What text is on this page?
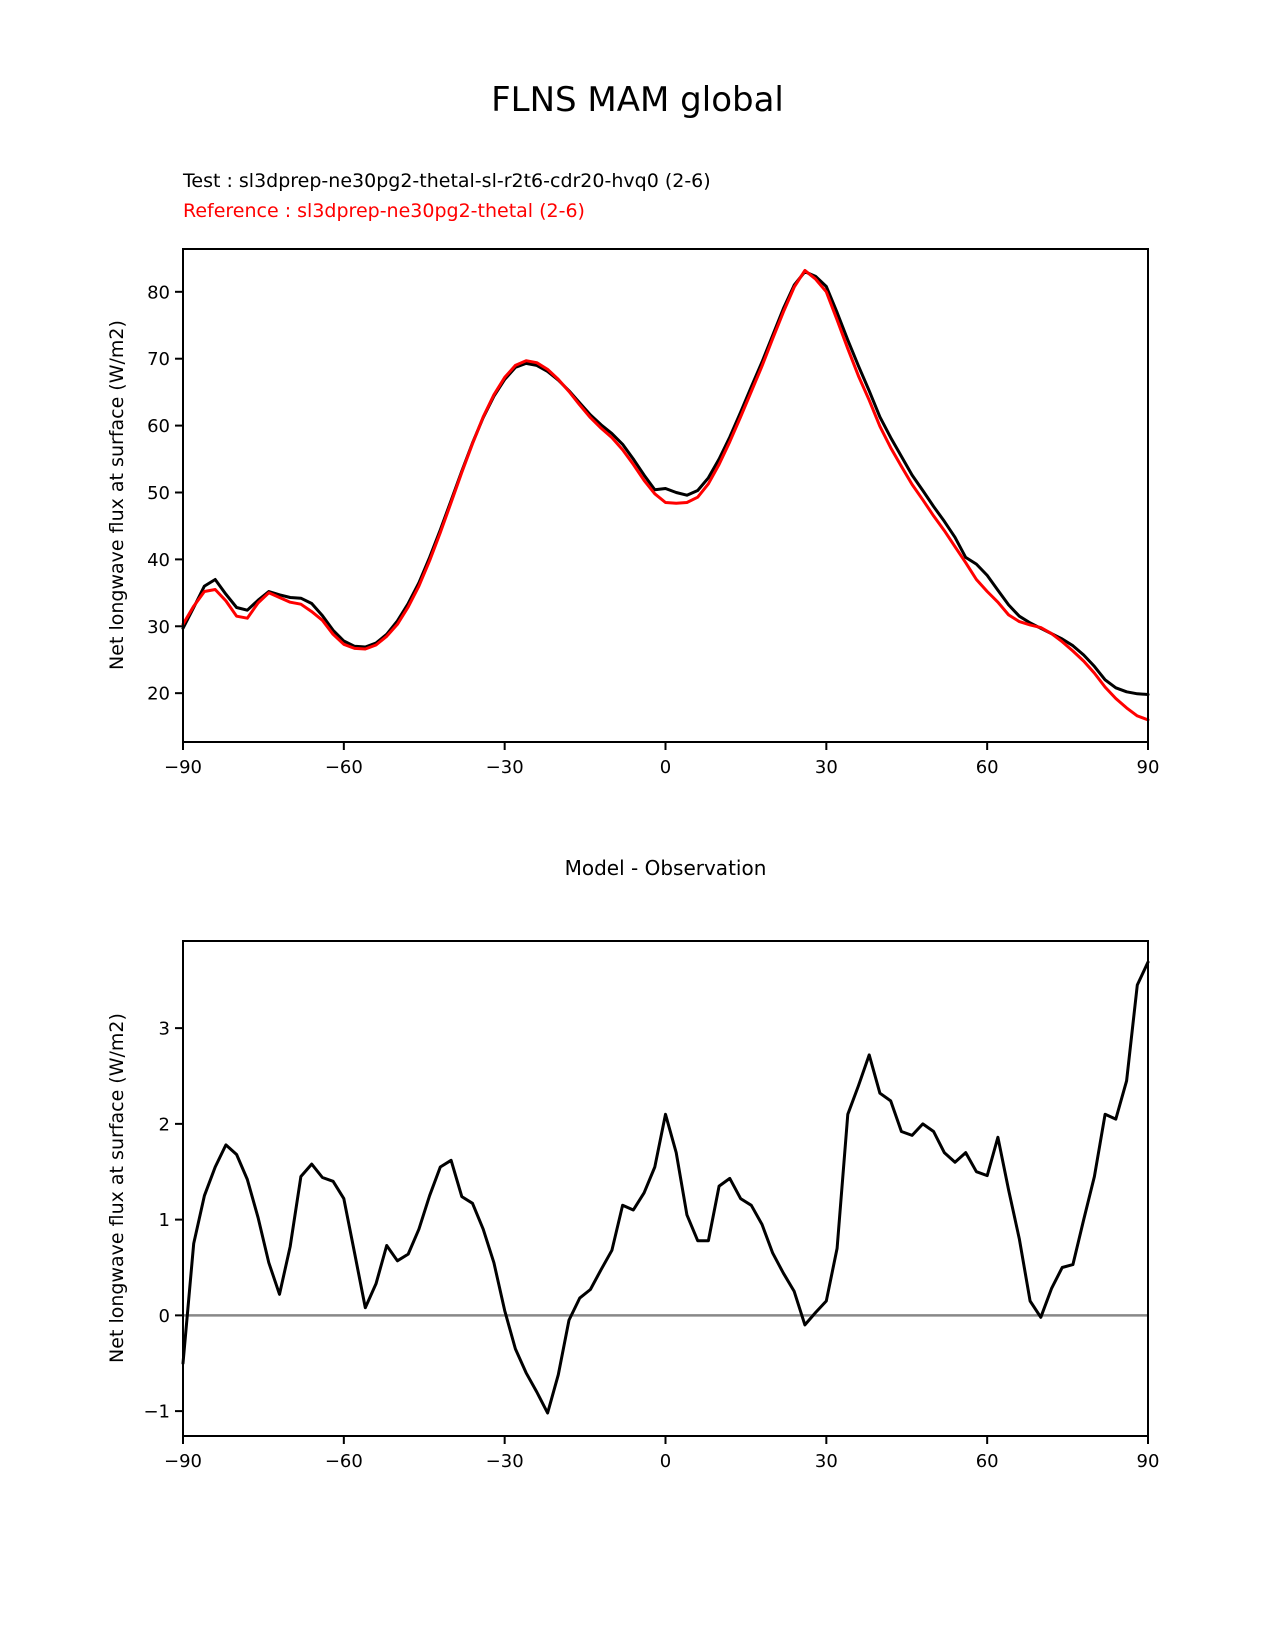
FLNS MAM global
Test : sl3dprep-ne30pg2-thetal-sl-r2t6-cdr20-hvq0 (2-6)
Reference : sl3dprep-ne30pg2-thetal (2-6)
Net longwave flux at surface (W/m2)
Net longwave flux at surface (W/m2)
Model - Observation
−90	−60	−30	0	30	60	90
20
30
40
50
60
70
80
−90	−60	−30	0	30	60	90
−1
0
1
2
3
